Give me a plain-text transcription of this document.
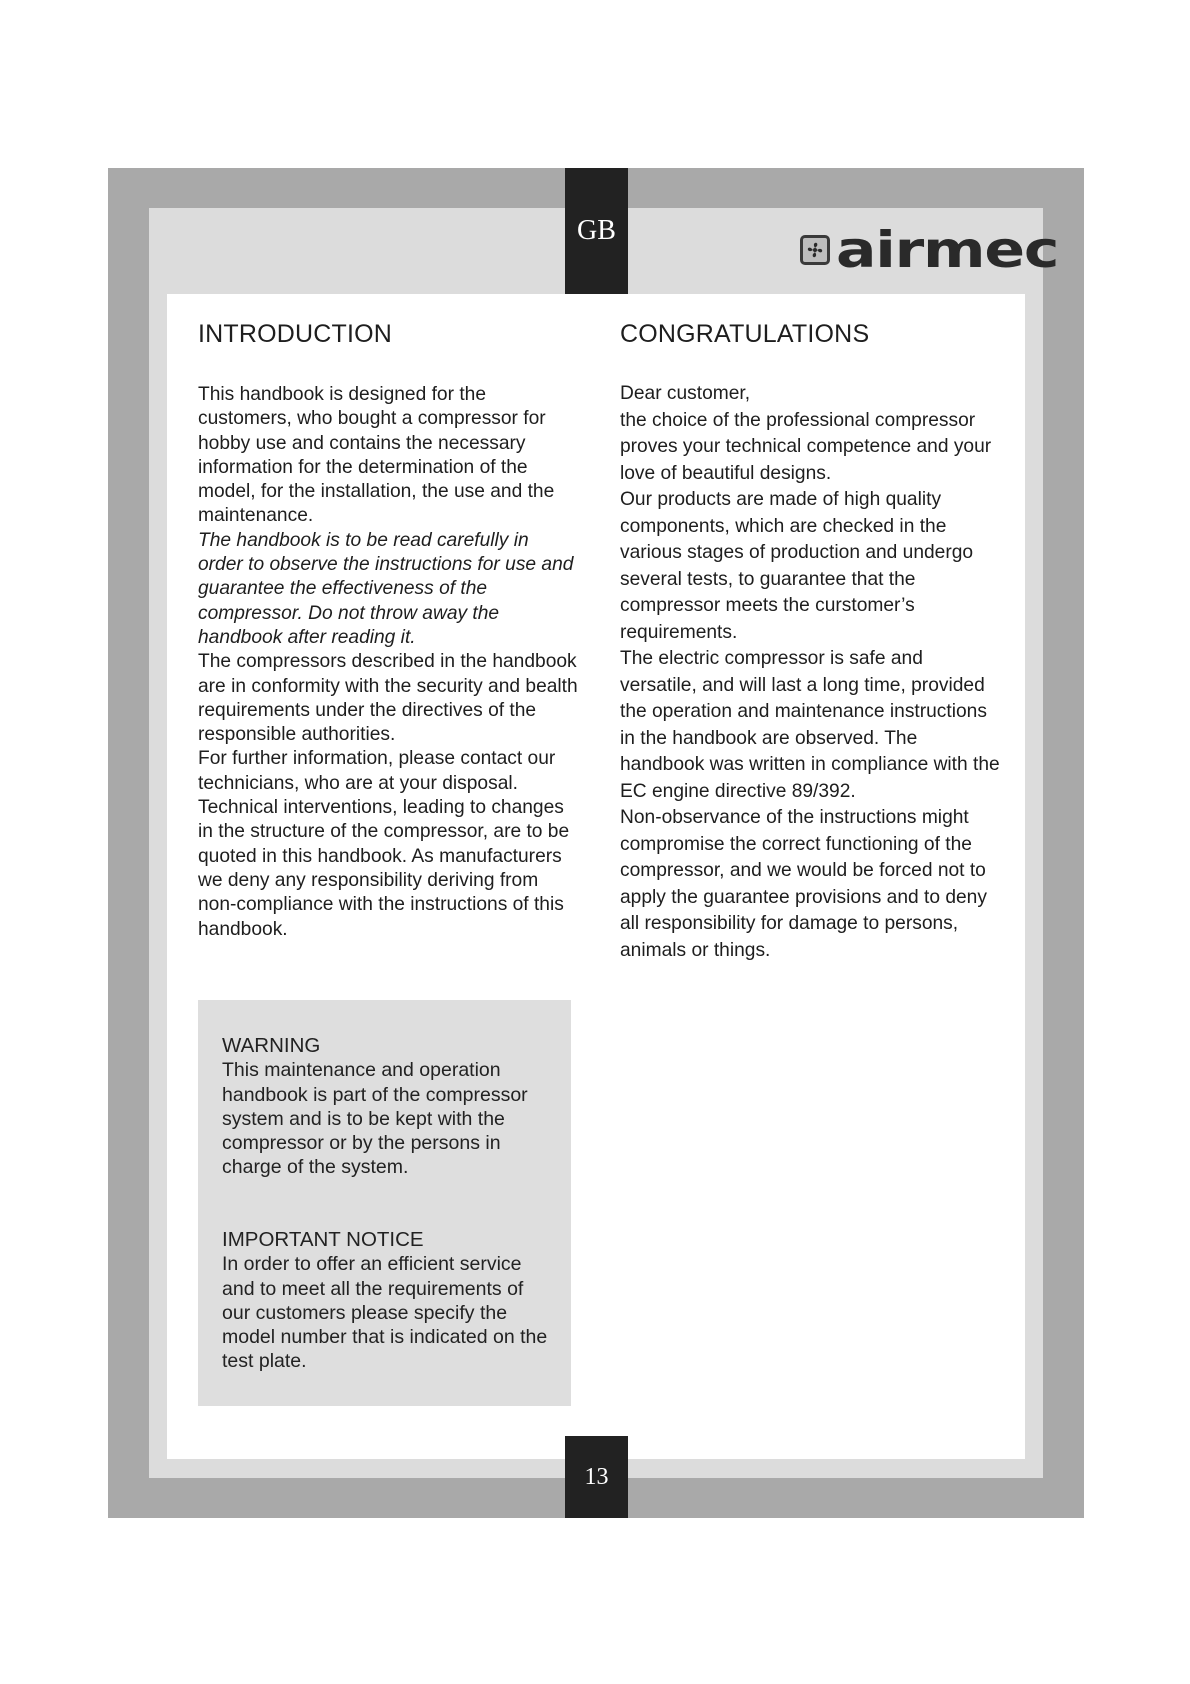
GB	airmec
INTRODUCTION

This handbook is designed for the customers, who bought a compressor for hobby use and contains the necessary information for the determination of the model, for the installation, the use and the maintenance.

The handbook is to be read carefully in order to observe the instructions for use and guarantee the effectiveness of the compressor. Do not throw away the handbook after reading it.

The compressors described in the handbook are in conformity with the security and bealth requirements under the directives of the responsible authorities.

For further information, please contact our technicians, who are at your disposal.

Technical interventions, leading to changes in the structure of the compressor, are to be quoted in this handbook. As manufacturers we deny any responsibility deriving from non-compliance with the instructions of this handbook.

CONGRATULATIONS

Dear customer,

the choice of the professional compressor proves your technical competence and your love of beautiful designs.

Our products are made of high quality components, which are checked in the various stages of production and undergo several tests, to guarantee that the compressor meets the curstomer’s requirements.

The electric compressor is safe and versatile, and will last a long time, provided the operation and maintenance instructions in the handbook are observed. The handbook was written in compliance with the EC engine directive 89/392.

Non-observance of the instructions might compromise the correct functioning of the compressor, and we would be forced not to apply the guarantee provisions and to deny all responsibility for damage to persons, animals or things.

WARNING
This maintenance and operation handbook is part of the compressor system and is to be kept with the compressor or by the persons in charge of the system.
IMPORTANT NOTICE
In order to offer an efficient service and to meet all the requirements of our customers please specify the model number that is indicated on the test plate.
13
